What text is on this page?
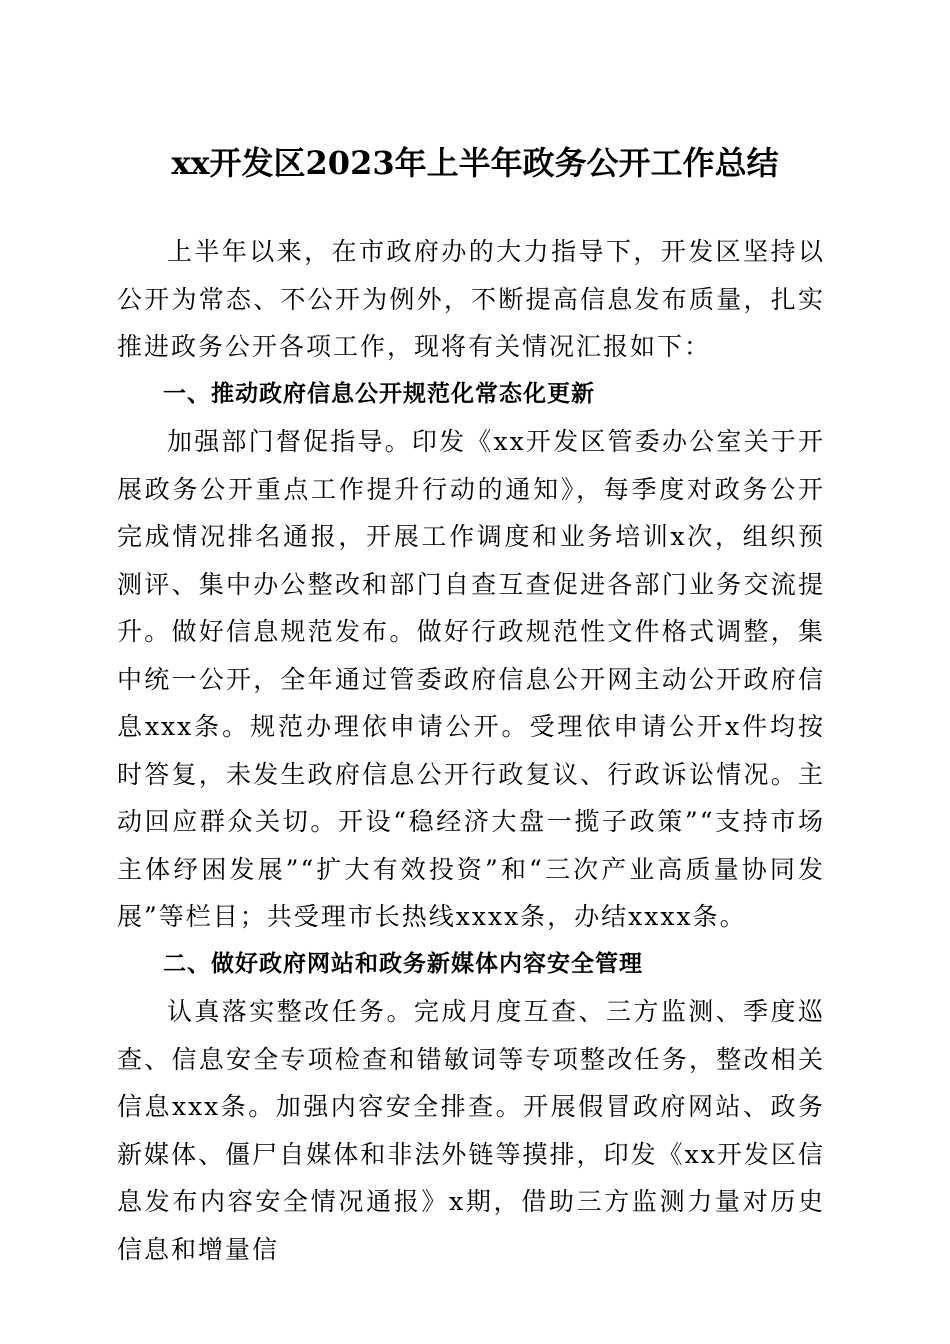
xx开发区2023年上半年政务公开工作总结

上半年以来，在市政府办的大力指导下，开发区坚持以公开为常态、不公开为例外，不断提高信息发布质量，扎实推进政务公开各项工作，现将有关情况汇报如下：

一、推动政府信息公开规范化常态化更新

加强部门督促指导。印发《xx开发区管委办公室关于开展政务公开重点工作提升行动的通知》，每季度对政务公开完成情况排名通报，开展工作调度和业务培训x次，组织预测评、集中办公整改和部门自查互查促进各部门业务交流提升。做好信息规范发布。做好行政规范性文件格式调整，集中统一公开，全年通过管委政府信息公开网主动公开政府信息xxx条。规范办理依申请公开。受理依申请公开x件均按时答复，未发生政府信息公开行政复议、行政诉讼情况。主动回应群众关切。开设“稳经济大盘一揽子政策”“支持市场主体纾困发展”“扩大有效投资”和“三次产业高质量协同发展”等栏目；共受理市长热线xxxx条，办结xxxx条。

二、做好政府网站和政务新媒体内容安全管理

认真落实整改任务。完成月度互查、三方监测、季度巡查、信息安全专项检查和错敏词等专项整改任务，整改相关信息xxx条。加强内容安全排查。开展假冒政府网站、政务新媒体、僵尸自媒体和非法外链等摸排，印发《xx开发区信息发布内容安全情况通报》x期，借助三方监测力量对历史信息和增量信
